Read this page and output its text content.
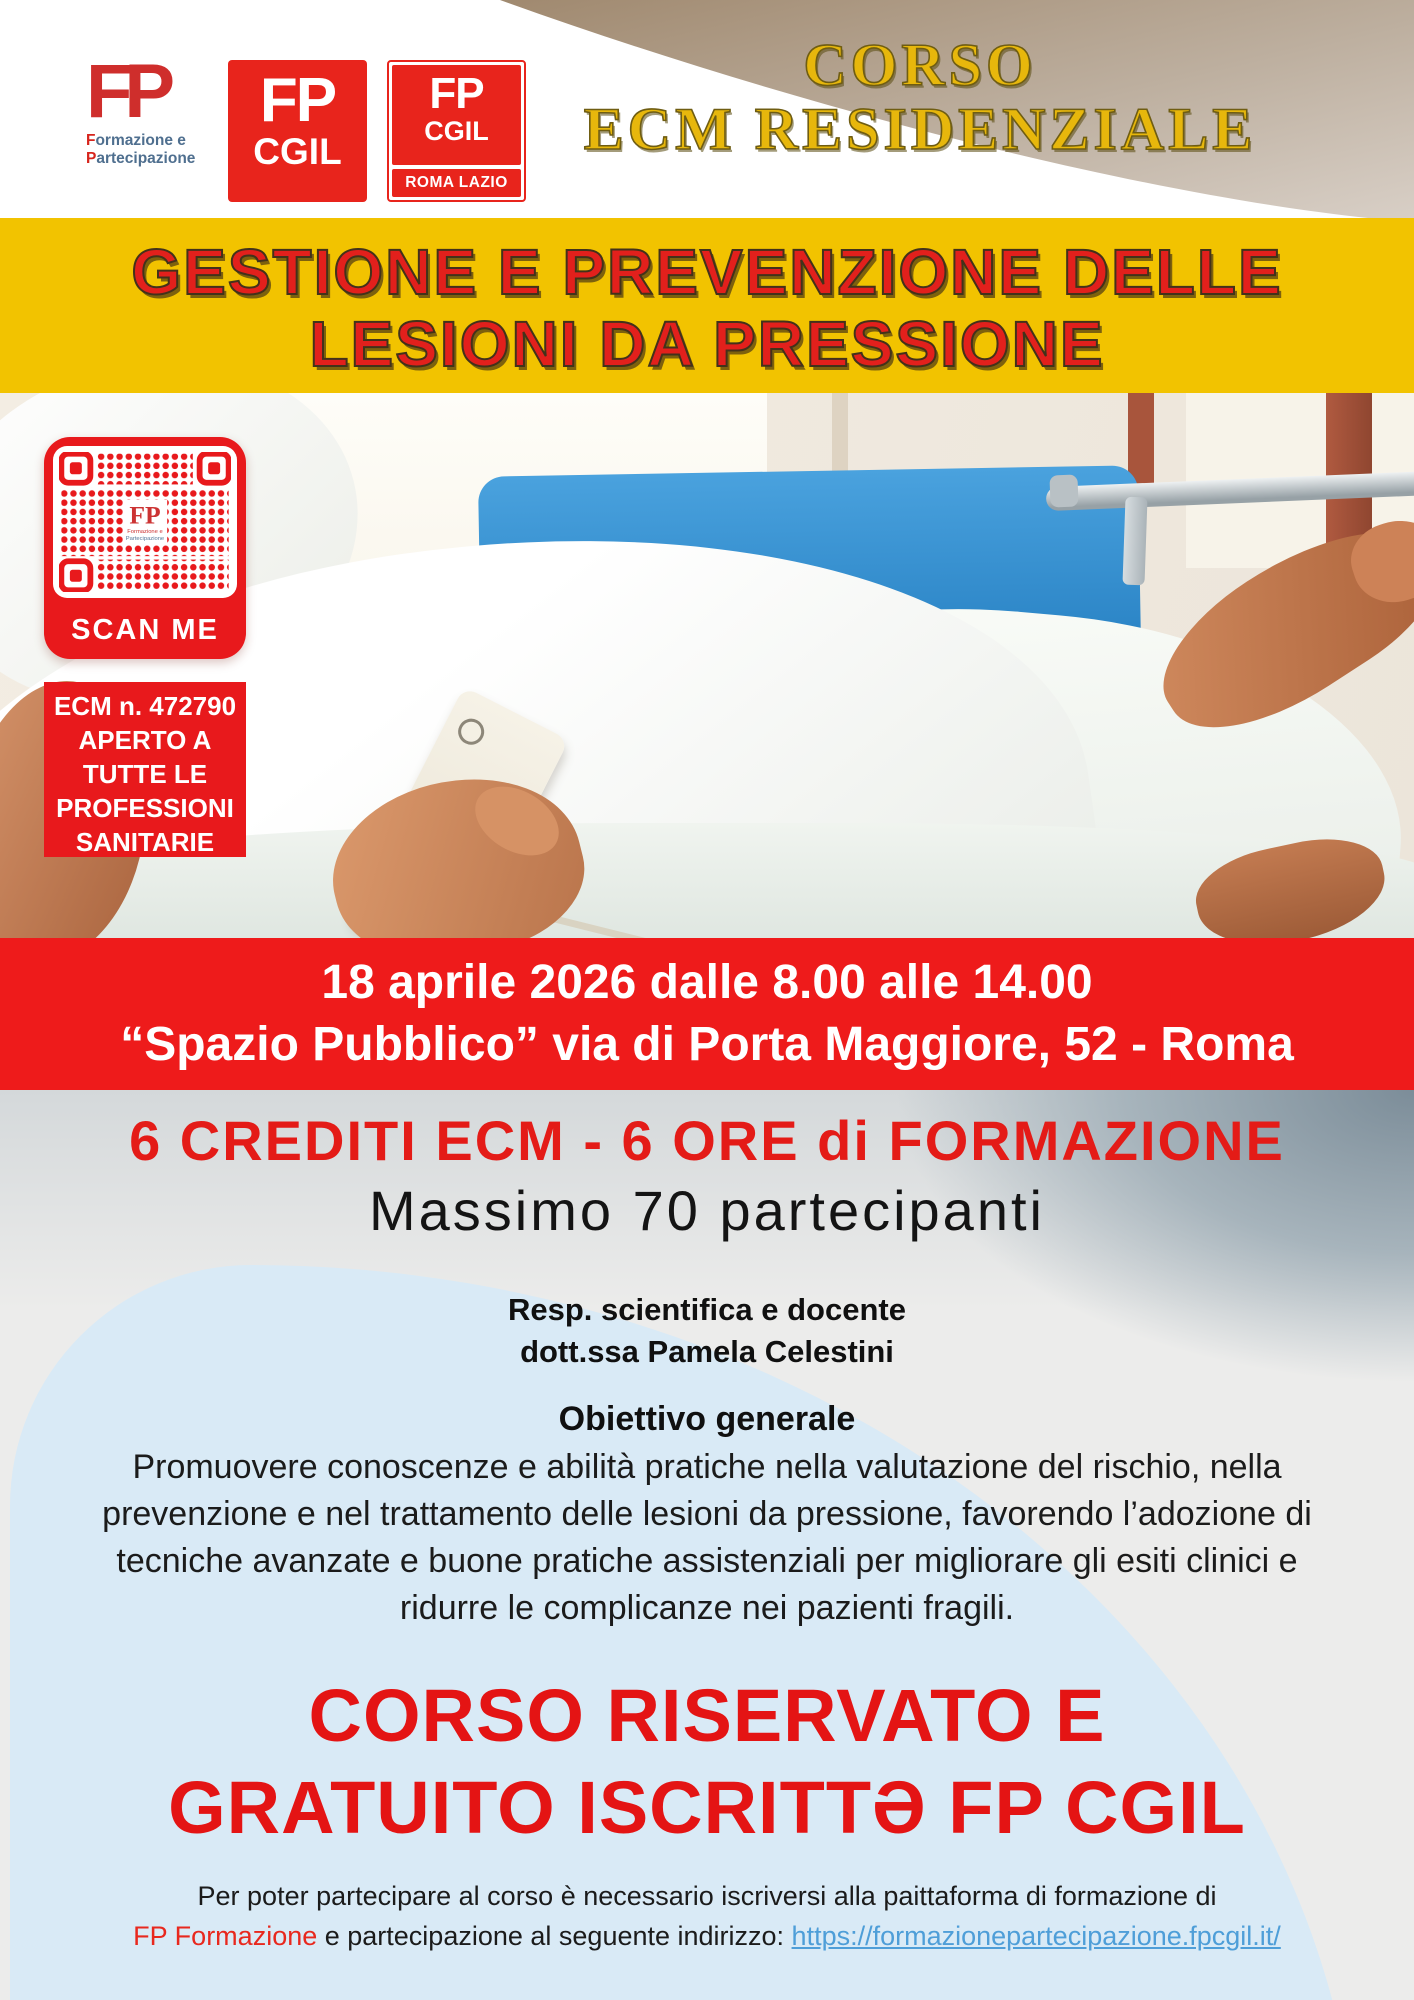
FP
Formazione e
Partecipazione
FP
CGIL
FP
CGIL
ROMA LAZIO
CORSO
ECM RESIDENZIALE
GESTIONE E PREVENZIONE DELLE
LESIONI DA PRESSIONE
FP
Formazione e
Partecipazione
SCAN ME
ECM n. 472790
APERTO A
TUTTE LE
PROFESSIONI
SANITARIE
18 aprile 2026 dalle 8.00 alle 14.00
“Spazio Pubblico” via di Porta Maggiore, 52 - Roma
6 CREDITI ECM - 6 ORE di FORMAZIONE
Massimo 70 partecipanti
Resp. scientifica e docente
dott.ssa Pamela Celestini
Obiettivo generale
Promuovere conoscenze e abilità pratiche nella valutazione del rischio, nella prevenzione e nel trattamento delle lesioni da pressione, favorendo l’adozione di tecniche avanzate e buone pratiche assistenziali per migliorare gli esiti clinici e ridurre le complicanze nei pazienti fragili.
CORSO RISERVATO E
GRATUITO ISCRITTƏ FP CGIL
Per poter partecipare al corso è necessario iscriversi alla paittaforma di formazione di
FP Formazione e partecipazione al seguente indirizzo: https://formazionepartecipazione.fpcgil.it/
